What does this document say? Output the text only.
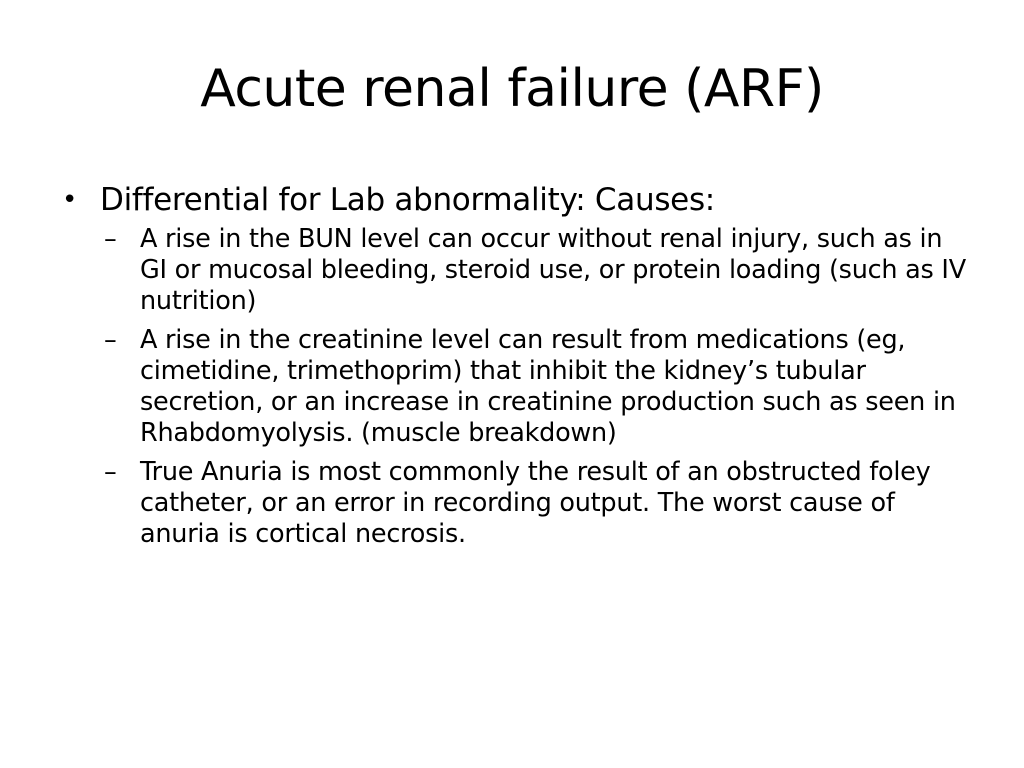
Acute renal failure (ARF)
• Differential for Lab abnormality: Causes:
– A rise in the BUN level can occur without renal injury, such as in GI or mucosal bleeding, steroid use, or protein loading (such as IV nutrition)
– A rise in the creatinine level can result from medications (eg, cimetidine, trimethoprim) that inhibit the kidney’s tubular secretion, or an increase in creatinine production such as seen in Rhabdomyolysis. (muscle breakdown)
– True Anuria is most commonly the result of an obstructed foley catheter, or an error in recording output. The worst cause of anuria is cortical necrosis.
